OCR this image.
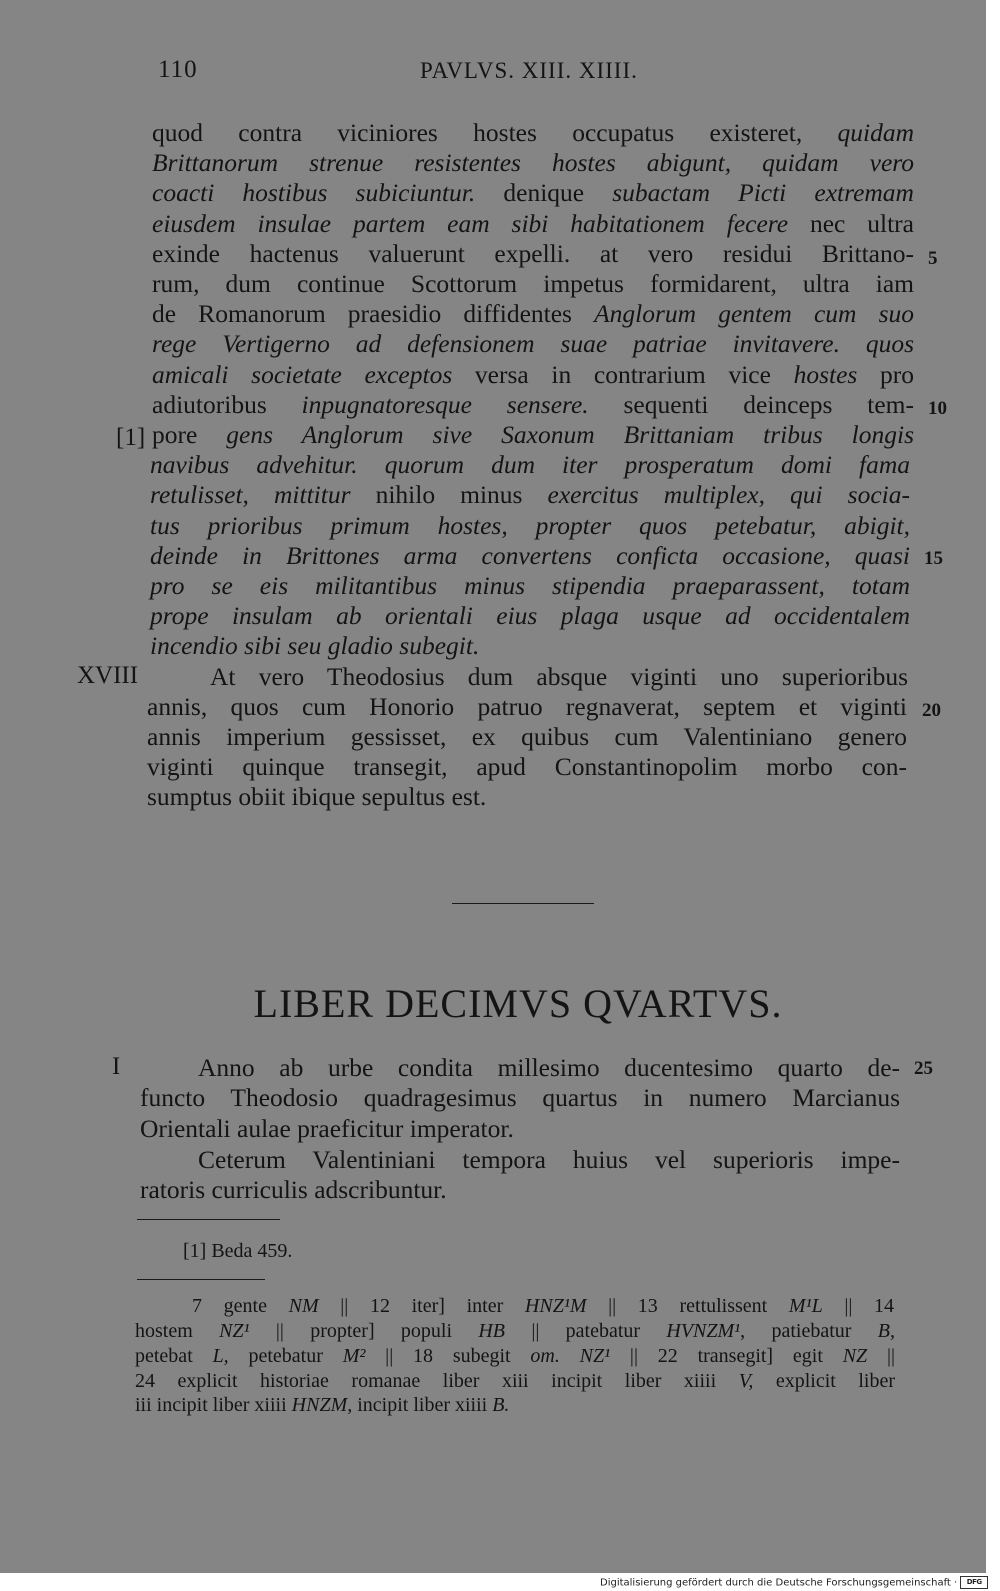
110	PAVLVS. XIII. XIIII.
quod contra viciniores hostes occupatus existeret, quidam
Brittanorum strenue resistentes hostes abigunt, quidam vero
coacti hostibus subiciuntur. denique subactam Picti extremam
eiusdem insulae partem eam sibi habitationem fecere nec ultra
exinde hactenus valuerunt expelli. at vero residui Brittano-
rum, dum continue Scottorum impetus formidarent, ultra iam
de Romanorum praesidio diffidentes Anglorum gentem cum suo
rege Vertigerno ad defensionem suae patriae invitavere. quos
amicali societate exceptos versa in contrarium vice hostes pro
adiutoribus inpugnatoresque sensere. sequenti deinceps tem-
pore gens Anglorum sive Saxonum Brittaniam tribus longis
navibus advehitur. quorum dum iter prosperatum domi fama
retulisset, mittitur nihilo minus exercitus multiplex, qui socia-
tus prioribus primum hostes, propter quos petebatur, abigit,
deinde in Brittones arma convertens conficta occasione, quasi
pro se eis militantibus minus stipendia praeparassent, totam
prope insulam ab orientali eius plaga usque ad occidentalem
incendio sibi seu gladio subegit.
At vero Theodosius dum absque viginti uno superioribus
annis, quos cum Honorio patruo regnaverat, septem et viginti
annis imperium gessisset, ex quibus cum Valentiniano genero
viginti quinque transegit, apud Constantinopolim morbo con-
sumptus obiit ibique sepultus est.
5
10
15
20
25
[1]
XVIII
I
LIBER DECIMVS QVARTVS.
Anno ab urbe condita millesimo ducentesimo quarto de-
functo Theodosio quadragesimus quartus in numero Marcianus
Orientali aulae praeficitur imperator.
Ceterum Valentiniani tempora huius vel superioris impe-
ratoris curriculis adscribuntur.
[1] Beda 459.
7 gente NM || 12 iter] inter HNZ¹M || 13 rettulissent M¹L || 14
hostem NZ¹ || propter] populi HB || patebatur HVNZM¹, patiebatur B,
petebat L, petebatur M² || 18 subegit om. NZ¹ || 22 transegit] egit NZ ||
24 explicit historiae romanae liber xiii incipit liber xiiii V, explicit liber
iii incipit liber xiiii HNZM, incipit liber xiiii B.
Digitalisierung gefördert durch die Deutsche Forschungsgemeinschaft · DFG
